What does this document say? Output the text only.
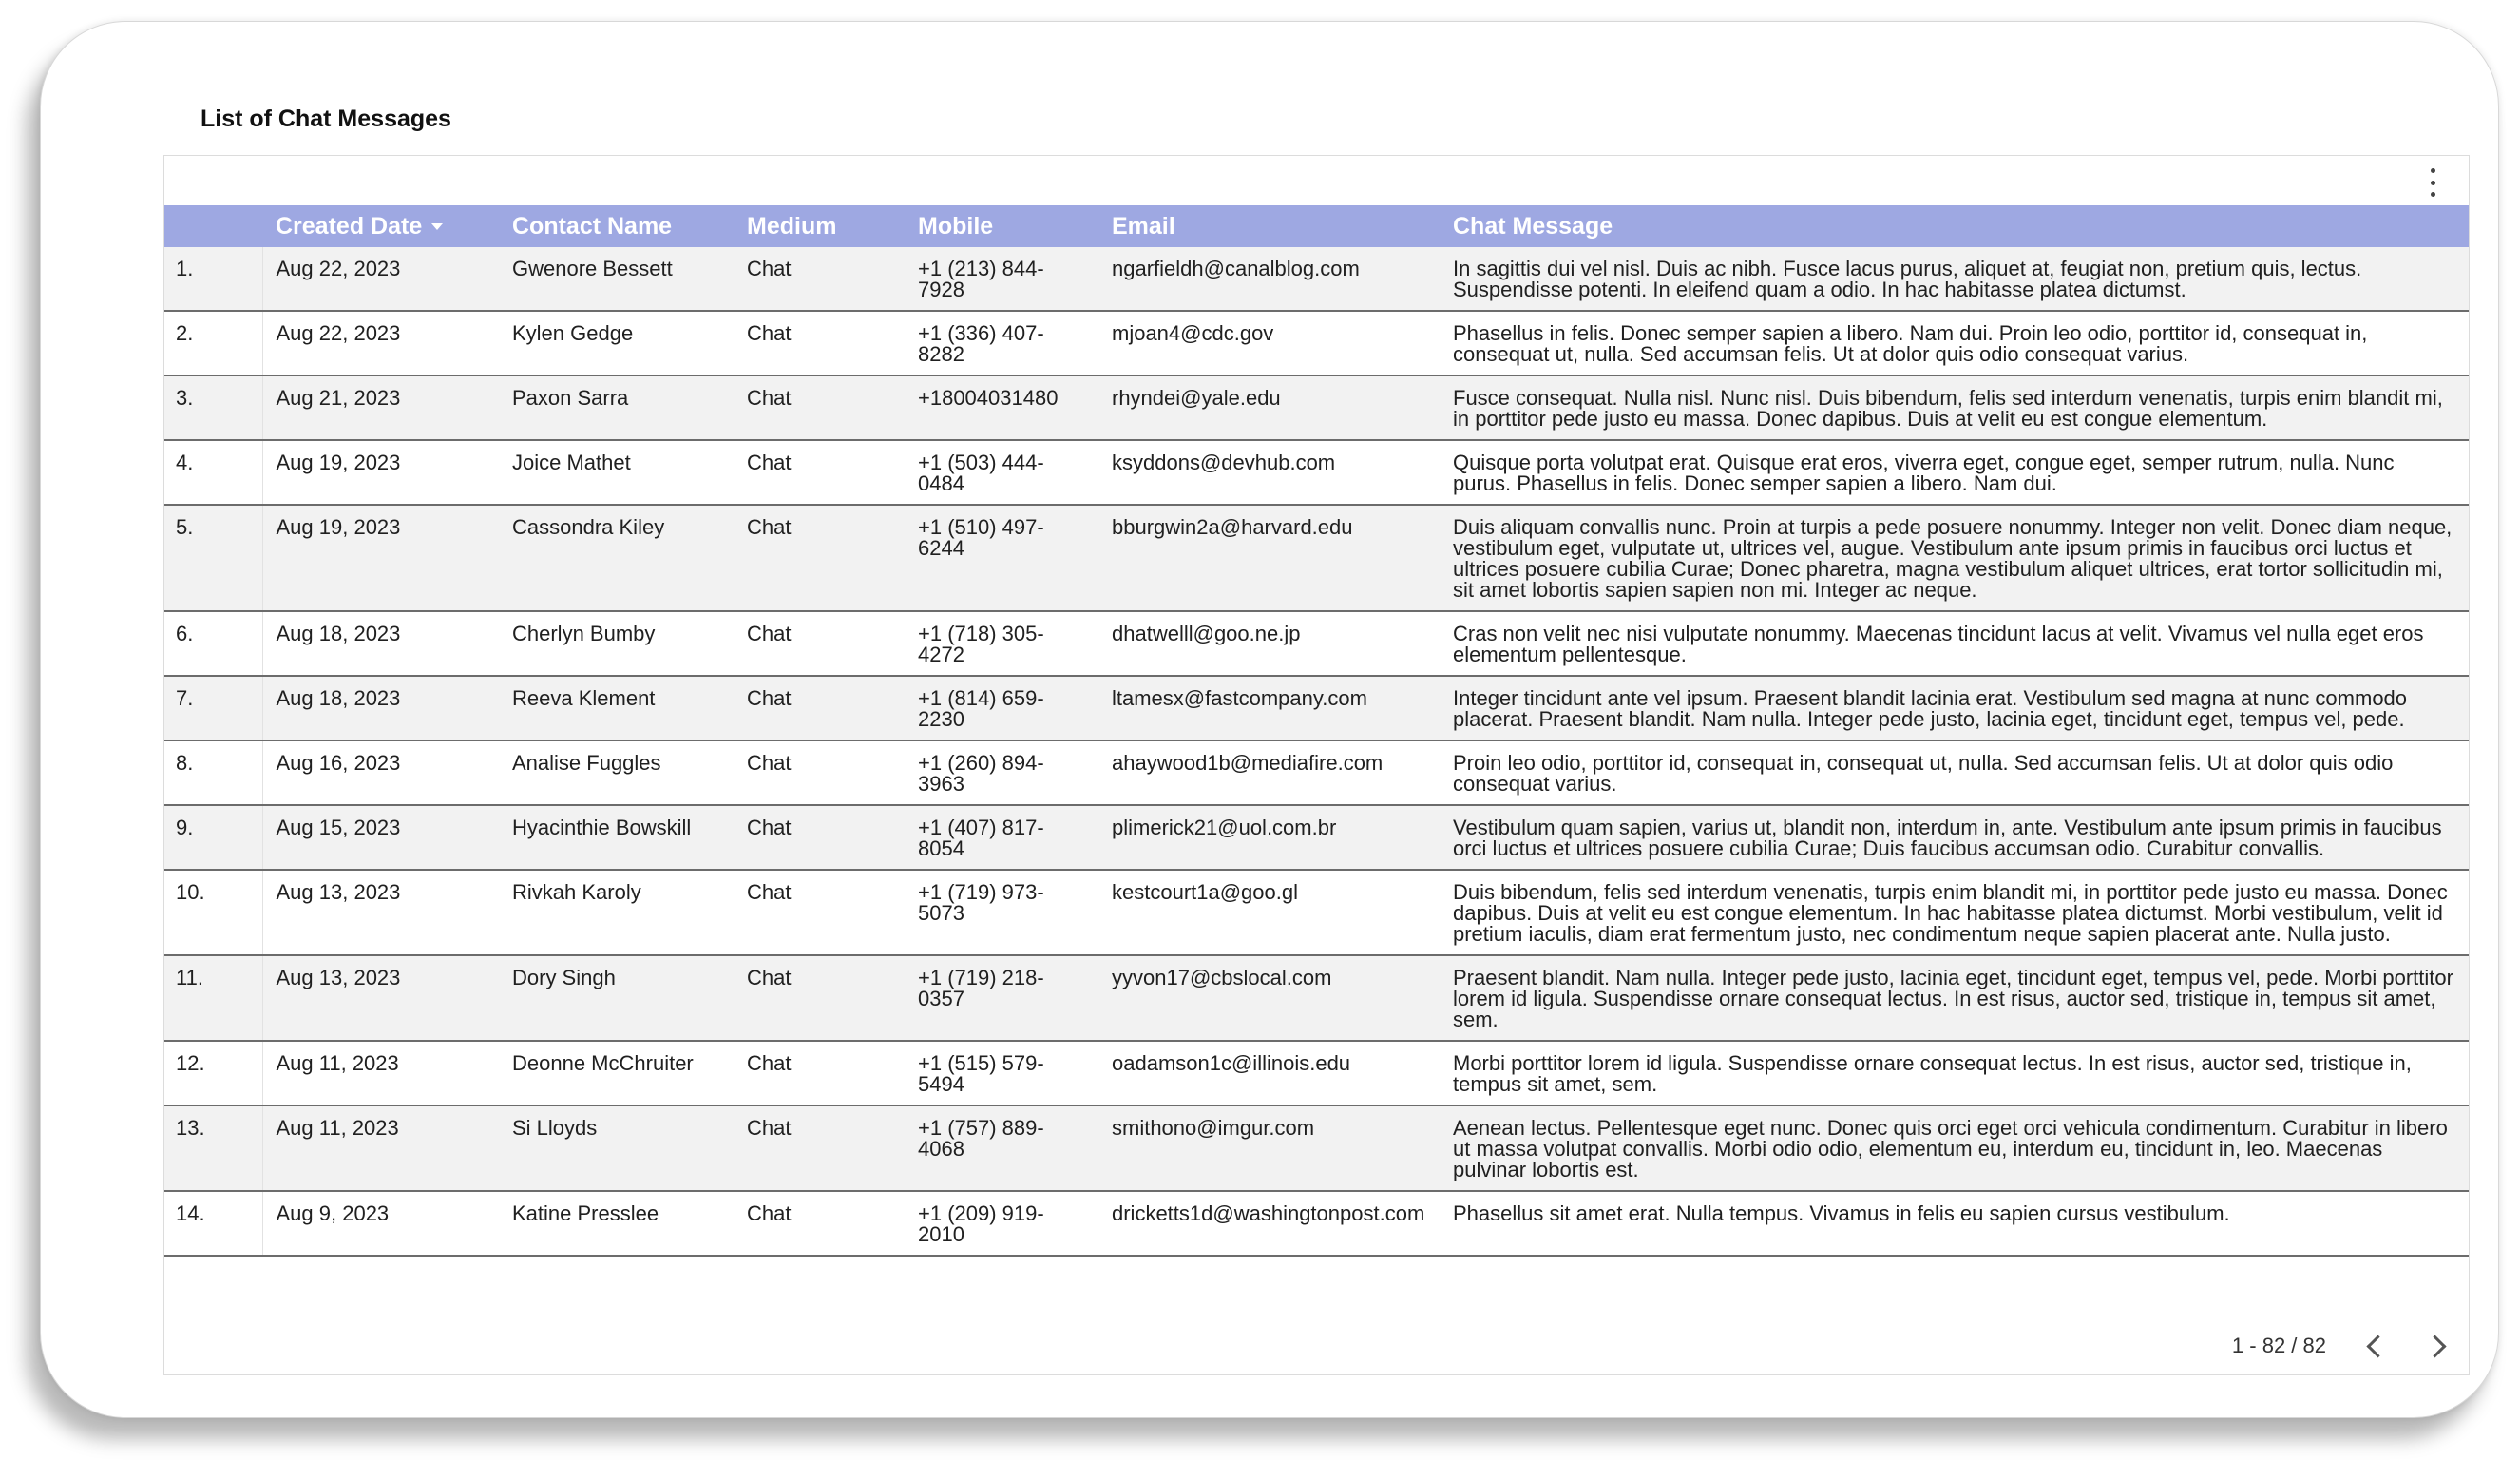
List of Chat Messages
	Created Date	Contact Name	Medium	Mobile	Email	Chat Message
1.	Aug 22, 2023	Gwenore Bessett	Chat	+1 (213) 844-7928	ngarfieldh@canalblog.com	In sagittis dui vel nisl. Duis ac nibh. Fusce lacus purus, aliquet at, feugiat non, pretium quis, lectus. Suspendisse potenti. In eleifend quam a odio. In hac habitasse platea dictumst.
2.	Aug 22, 2023	Kylen Gedge	Chat	+1 (336) 407-8282	mjoan4@cdc.gov	Phasellus in felis. Donec semper sapien a libero. Nam dui. Proin leo odio, porttitor id, consequat in, consequat ut, nulla. Sed accumsan felis. Ut at dolor quis odio consequat varius.
3.	Aug 21, 2023	Paxon Sarra	Chat	+18004031480	rhyndei@yale.edu	Fusce consequat. Nulla nisl. Nunc nisl. Duis bibendum, felis sed interdum venenatis, turpis enim blandit mi, in porttitor pede justo eu massa. Donec dapibus. Duis at velit eu est congue elementum.
4.	Aug 19, 2023	Joice Mathet	Chat	+1 (503) 444-0484	ksyddons@devhub.com	Quisque porta volutpat erat. Quisque erat eros, viverra eget, congue eget, semper rutrum, nulla. Nunc purus. Phasellus in felis. Donec semper sapien a libero. Nam dui.
5.	Aug 19, 2023	Cassondra Kiley	Chat	+1 (510) 497-6244	bburgwin2a@harvard.edu	Duis aliquam convallis nunc. Proin at turpis a pede posuere nonummy. Integer non velit. Donec diam neque, vestibulum eget, vulputate ut, ultrices vel, augue. Vestibulum ante ipsum primis in faucibus orci luctus et ultrices posuere cubilia Curae; Donec pharetra, magna vestibulum aliquet ultrices, erat tortor sollicitudin mi, sit amet lobortis sapien sapien non mi. Integer ac neque.
6.	Aug 18, 2023	Cherlyn Bumby	Chat	+1 (718) 305-4272	dhatwelll@goo.ne.jp	Cras non velit nec nisi vulputate nonummy. Maecenas tincidunt lacus at velit. Vivamus vel nulla eget eros elementum pellentesque.
7.	Aug 18, 2023	Reeva Klement	Chat	+1 (814) 659-2230	ltamesx@fastcompany.com	Integer tincidunt ante vel ipsum. Praesent blandit lacinia erat. Vestibulum sed magna at nunc commodo placerat. Praesent blandit. Nam nulla. Integer pede justo, lacinia eget, tincidunt eget, tempus vel, pede.
8.	Aug 16, 2023	Analise Fuggles	Chat	+1 (260) 894-3963	ahaywood1b@mediafire.com	Proin leo odio, porttitor id, consequat in, consequat ut, nulla. Sed accumsan felis. Ut at dolor quis odio consequat varius.
9.	Aug 15, 2023	Hyacinthie Bowskill	Chat	+1 (407) 817-8054	plimerick21@uol.com.br	Vestibulum quam sapien, varius ut, blandit non, interdum in, ante. Vestibulum ante ipsum primis in faucibus orci luctus et ultrices posuere cubilia Curae; Duis faucibus accumsan odio. Curabitur convallis.
10.	Aug 13, 2023	Rivkah Karoly	Chat	+1 (719) 973-5073	kestcourt1a@goo.gl	Duis bibendum, felis sed interdum venenatis, turpis enim blandit mi, in porttitor pede justo eu massa. Donec dapibus. Duis at velit eu est congue elementum. In hac habitasse platea dictumst. Morbi vestibulum, velit id pretium iaculis, diam erat fermentum justo, nec condimentum neque sapien placerat ante. Nulla justo.
11.	Aug 13, 2023	Dory Singh	Chat	+1 (719) 218-0357	yyvon17@cbslocal.com	Praesent blandit. Nam nulla. Integer pede justo, lacinia eget, tincidunt eget, tempus vel, pede. Morbi porttitor lorem id ligula. Suspendisse ornare consequat lectus. In est risus, auctor sed, tristique in, tempus sit amet, sem.
12.	Aug 11, 2023	Deonne McChruiter	Chat	+1 (515) 579-5494	oadamson1c@illinois.edu	Morbi porttitor lorem id ligula. Suspendisse ornare consequat lectus. In est risus, auctor sed, tristique in, tempus sit amet, sem.
13.	Aug 11, 2023	Si Lloyds	Chat	+1 (757) 889-4068	smithono@imgur.com	Aenean lectus. Pellentesque eget nunc. Donec quis orci eget orci vehicula condimentum. Curabitur in libero ut massa volutpat convallis. Morbi odio odio, elementum eu, interdum eu, tincidunt in, leo. Maecenas pulvinar lobortis est.
14.	Aug 9, 2023	Katine Presslee	Chat	+1 (209) 919-2010	dricketts1d@washingtonpost.com	Phasellus sit amet erat. Nulla tempus. Vivamus in felis eu sapien cursus vestibulum.
1 - 82 / 82
